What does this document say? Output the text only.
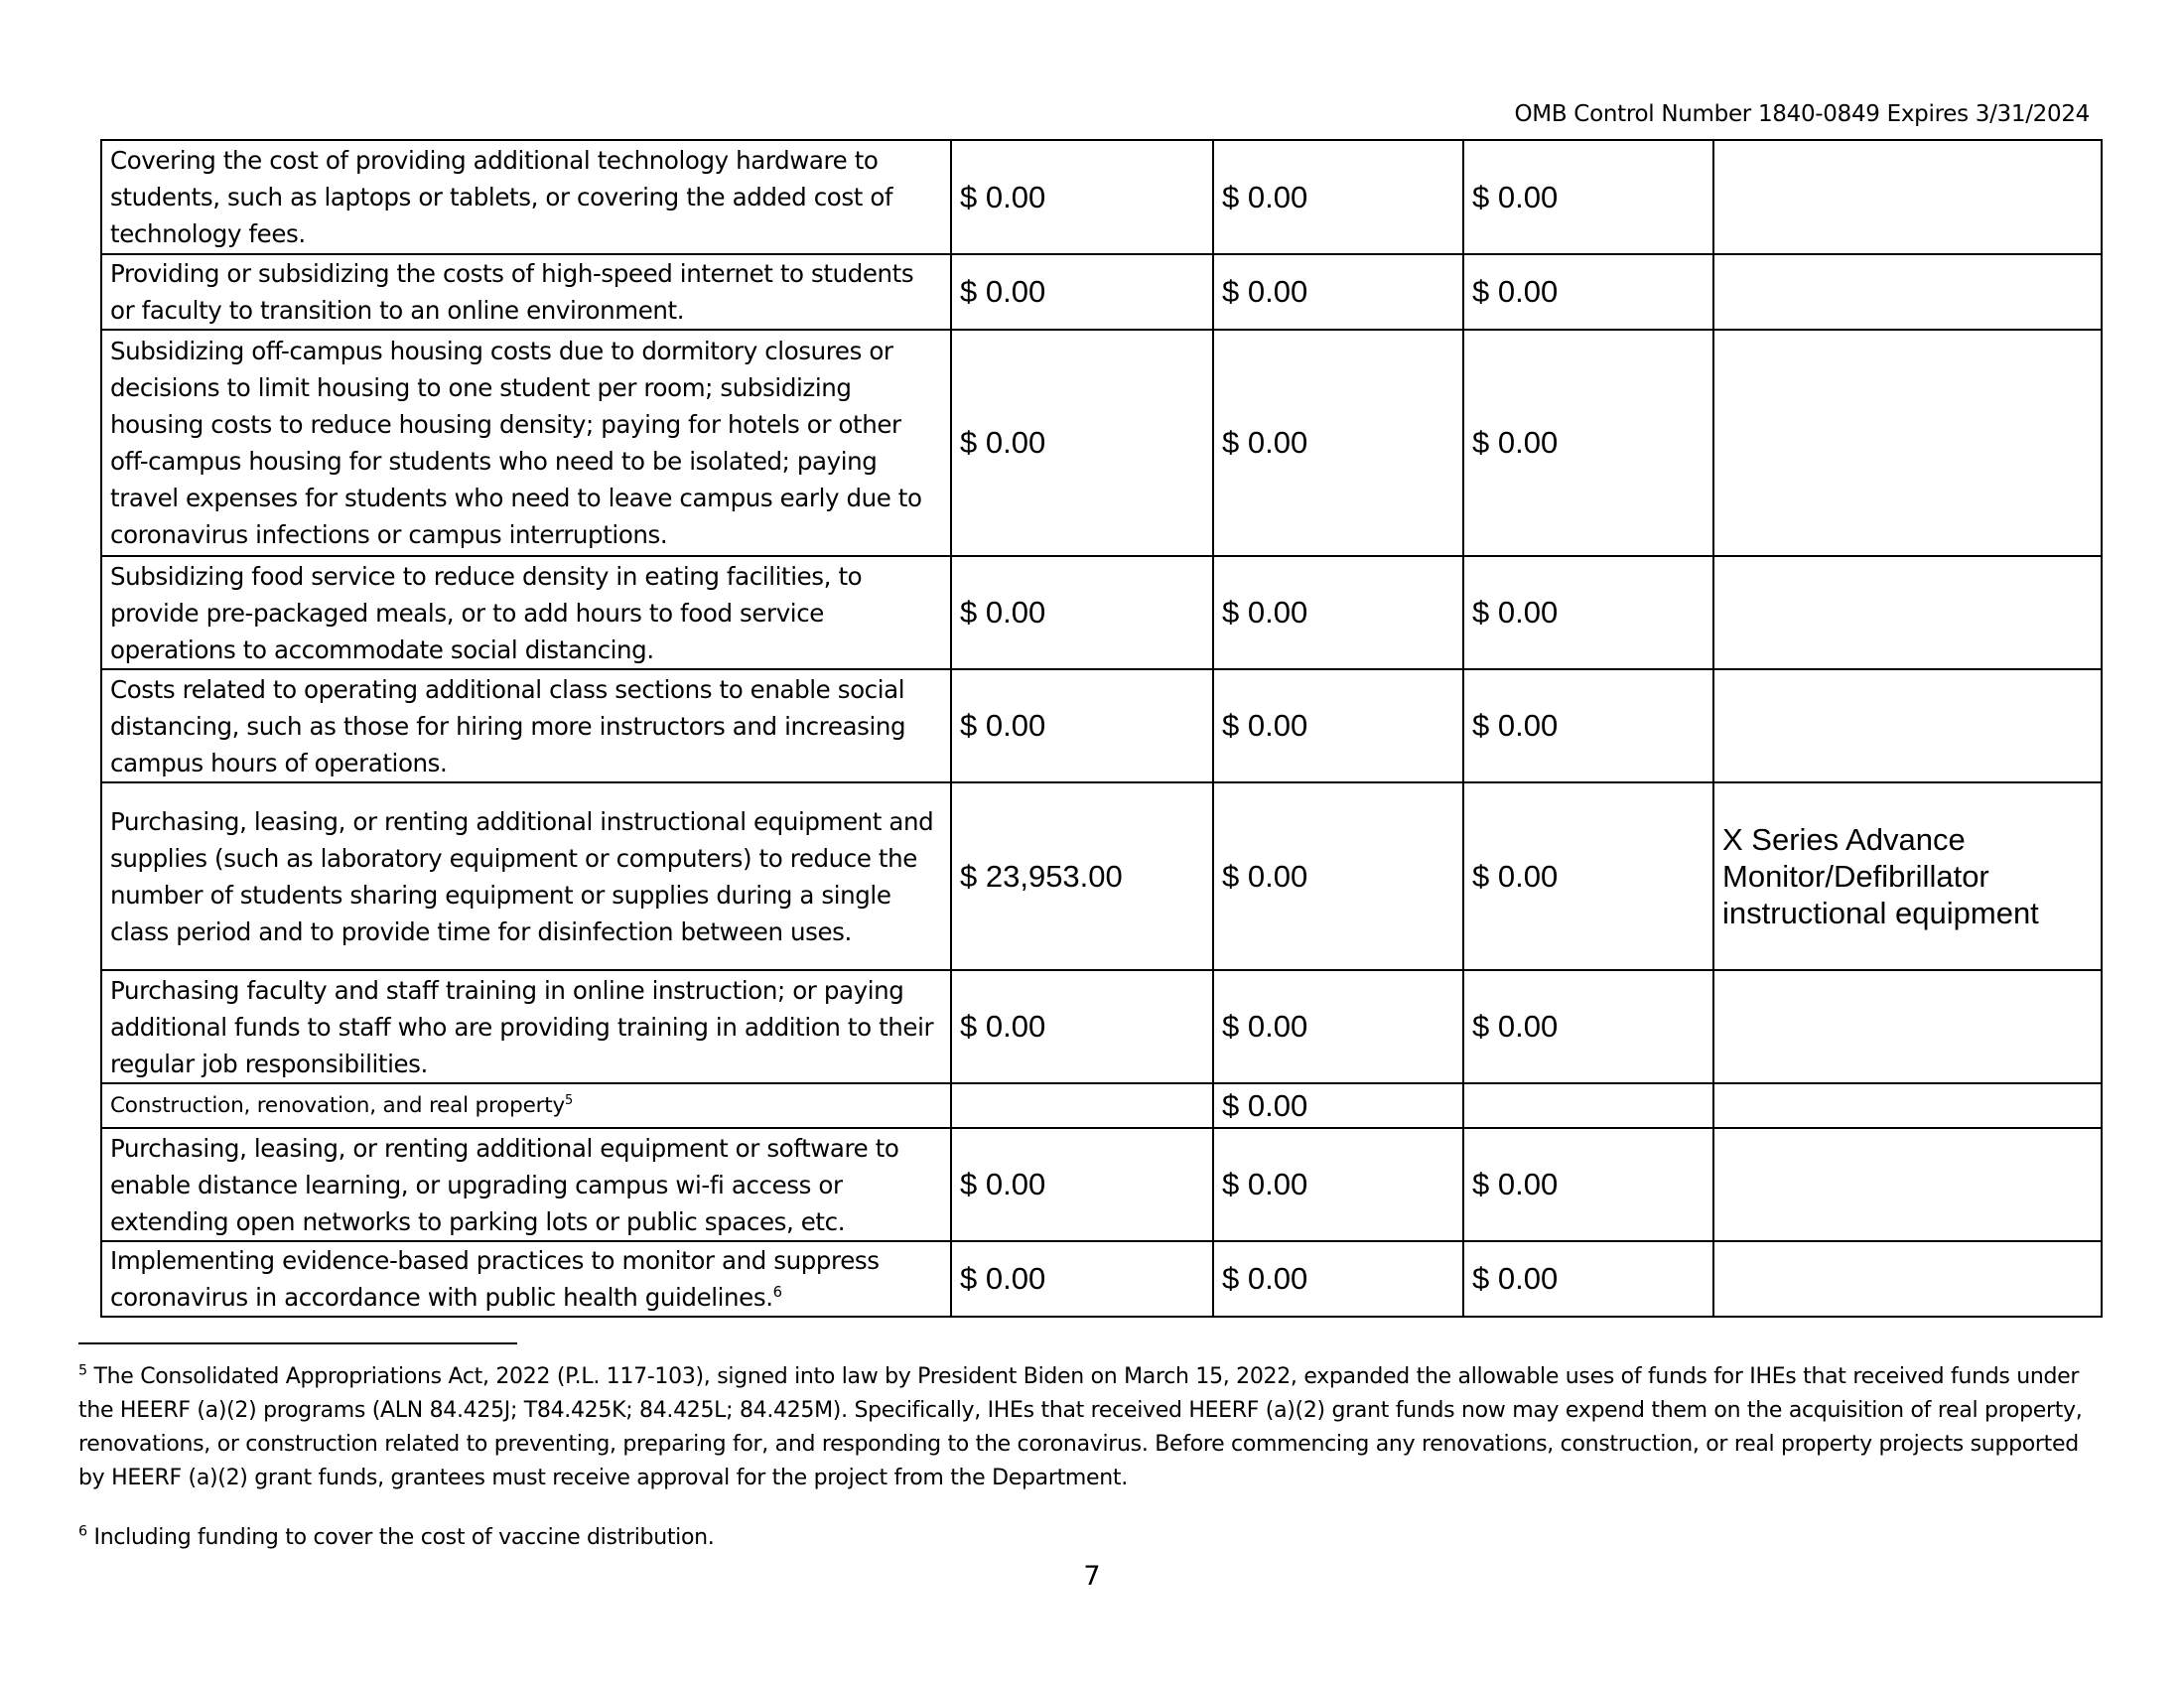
OMB Control Number 1840-0849 Expires 3/31/2024
Covering the cost of providing additional technology hardware to students, such as laptops or tablets, or covering the added cost of technology fees.	$ 0.00	$ 0.00	$ 0.00	
Providing or subsidizing the costs of high-speed internet to students or faculty to transition to an online environment.	$ 0.00	$ 0.00	$ 0.00	
Subsidizing off-campus housing costs due to dormitory closures or decisions to limit housing to one student per room; subsidizing housing costs to reduce housing density; paying for hotels or other off-campus housing for students who need to be isolated; paying travel expenses for students who need to leave campus early due to coronavirus infections or campus interruptions.	$ 0.00	$ 0.00	$ 0.00	
Subsidizing food service to reduce density in eating facilities, to provide pre-packaged meals, or to add hours to food service operations to accommodate social distancing.	$ 0.00	$ 0.00	$ 0.00	
Costs related to operating additional class sections to enable social distancing, such as those for hiring more instructors and increasing campus hours of operations.	$ 0.00	$ 0.00	$ 0.00	
Purchasing, leasing, or renting additional instructional equipment and supplies (such as laboratory equipment or computers) to reduce the number of students sharing equipment or supplies during a single class period and to provide time for disinfection between uses.	$ 23,953.00	$ 0.00	$ 0.00	X Series Advance Monitor/Defibrillator instructional equipment
Purchasing faculty and staff training in online instruction; or paying additional funds to staff who are providing training in addition to their regular job responsibilities.	$ 0.00	$ 0.00	$ 0.00	
Construction, renovation, and real property$^5$		$ 0.00		
Purchasing, leasing, or renting additional equipment or software to enable distance learning, or upgrading campus wi-fi access or extending open networks to parking lots or public spaces, etc.	$ 0.00	$ 0.00	$ 0.00	
Implementing evidence-based practices to monitor and suppress coronavirus in accordance with public health guidelines.$^6$	$ 0.00	$ 0.00	$ 0.00	
$^5$ The Consolidated Appropriations Act, 2022 (P.L. 117-103), signed into law by President Biden on March 15, 2022, expanded the allowable uses of funds for IHEs that received funds under the HEERF (a)(2) programs (ALN 84.425J; T84.425K; 84.425L; 84.425M). Specifically, IHEs that received HEERF (a)(2) grant funds now may expend them on the acquisition of real property, renovations, or construction related to preventing, preparing for, and responding to the coronavirus. Before commencing any renovations, construction, or real property projects supported by HEERF (a)(2) grant funds, grantees must receive approval for the project from the Department.
$^6$ Including funding to cover the cost of vaccine distribution.
7
